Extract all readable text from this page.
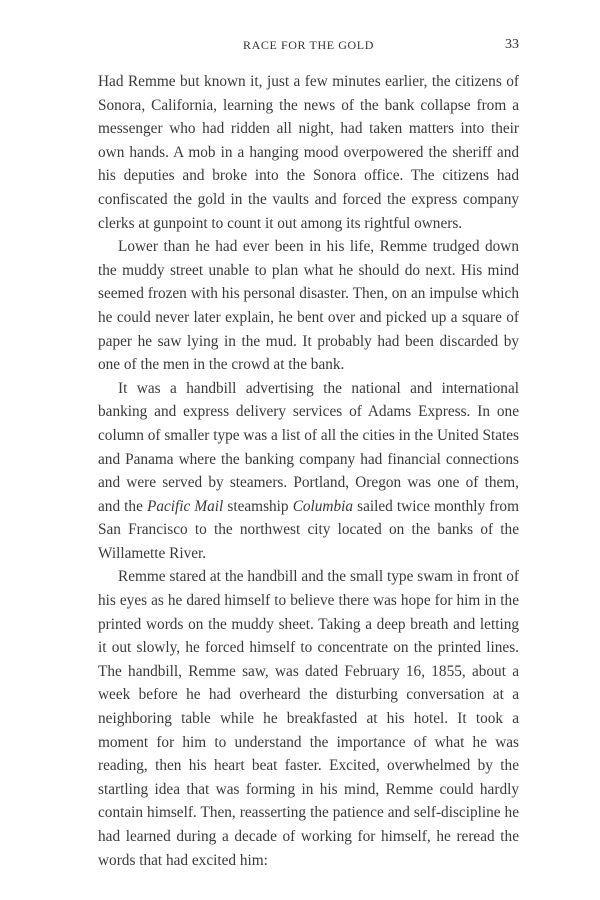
RACE FOR THE GOLD	33

Had Remme but known it, just a few minutes earlier, the citizens of Sonora, California, learning the news of the bank collapse from a messenger who had ridden all night, had taken matters into their own hands. A mob in a hanging mood overpowered the sheriff and his deputies and broke into the Sonora office. The citizens had confiscated the gold in the vaults and forced the express company clerks at gunpoint to count it out among its rightful owners.

Lower than he had ever been in his life, Remme trudged down the muddy street unable to plan what he should do next. His mind seemed frozen with his personal disaster. Then, on an impulse which he could never later explain, he bent over and picked up a square of paper he saw lying in the mud. It probably had been discarded by one of the men in the crowd at the bank.

It was a handbill advertising the national and international banking and express delivery services of Adams Express. In one column of smaller type was a list of all the cities in the United States and Panama where the banking company had financial connections and were served by steamers. Portland, Oregon was one of them, and the Pacific Mail steamship Columbia sailed twice monthly from San Francisco to the northwest city located on the banks of the Willamette River.

Remme stared at the handbill and the small type swam in front of his eyes as he dared himself to believe there was hope for him in the printed words on the muddy sheet. Taking a deep breath and letting it out slowly, he forced himself to concentrate on the printed lines. The handbill, Remme saw, was dated February 16, 1855, about a week before he had overheard the disturbing conversation at a neighboring table while he breakfasted at his hotel. It took a moment for him to understand the importance of what he was reading, then his heart beat faster. Excited, overwhelmed by the startling idea that was forming in his mind, Remme could hardly contain himself. Then, reasserting the patience and self-discipline he had learned during a decade of working for himself, he reread the words that had excited him:
